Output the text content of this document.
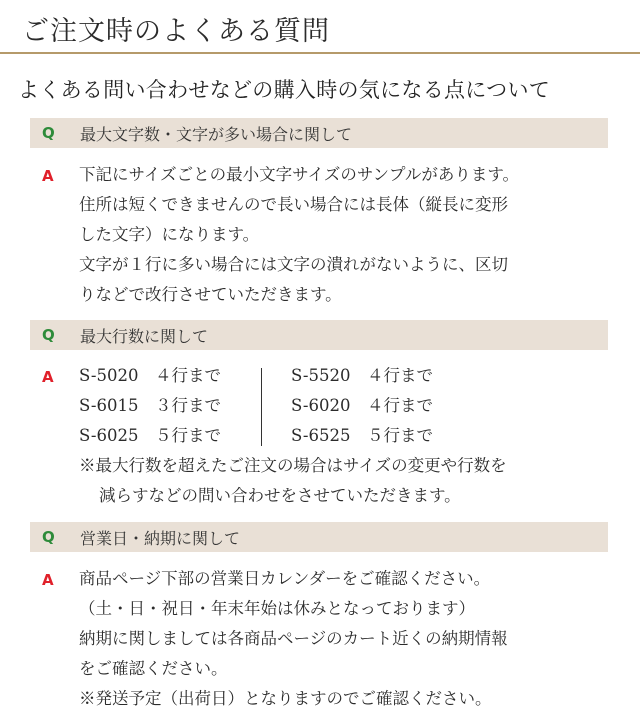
ご注文時のよくある質問
よくある問い合わせなどの購入時の気になる点について
Q 最大文字数・文字が多い場合に関して
A 下記にサイズごとの最小文字サイズのサンプルがあります。
住所は短くできませんので長い場合には長体（縦長に変形
した文字）になります。
文字が１行に多い場合には文字の潰れがないように、区切
りなどで改行させていただきます。
Q 最大行数に関して
A S-5020　４行まで
S-6015　３行まで
S-6025　５行まで
S-5520　４行まで
S-6020　４行まで
S-6525　５行まで
※最大行数を超えたご注文の場合はサイズの変更や行数を
減らすなどの問い合わせをさせていただきます。
Q 営業日・納期に関して
A 商品ページ下部の営業日カレンダーをご確認ください。
（土・日・祝日・年末年始は休みとなっております）
納期に関しましては各商品ページのカート近くの納期情報
をご確認ください。
※発送予定（出荷日）となりますのでご確認ください。
